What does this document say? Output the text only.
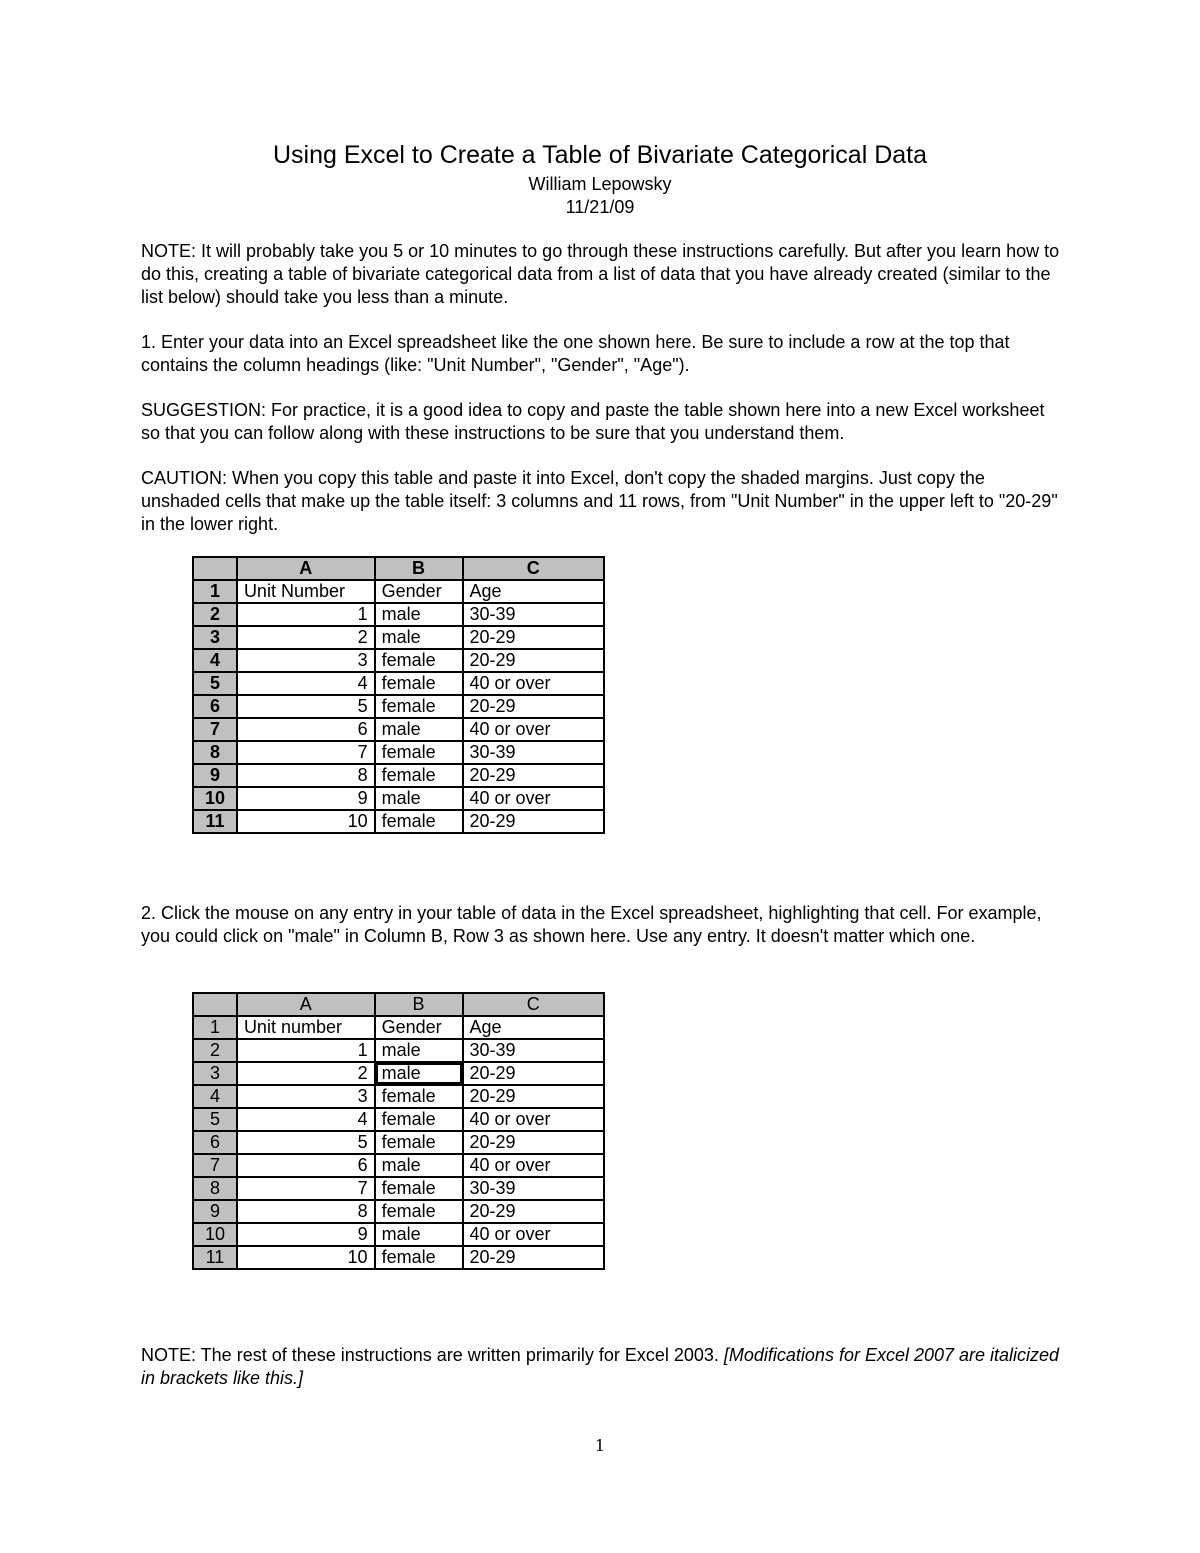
Using Excel to Create a Table of Bivariate Categorical Data
William Lepowsky
11/21/09

NOTE: It will probably take you 5 or 10 minutes to go through these instructions carefully. But after you learn how to do this, creating a table of bivariate categorical data from a list of data that you have already created (similar to the list below) should take you less than a minute.

1. Enter your data into an Excel spreadsheet like the one shown here. Be sure to include a row at the top that contains the column headings (like: "Unit Number", "Gender", "Age").

SUGGESTION: For practice, it is a good idea to copy and paste the table shown here into a new Excel worksheet so that you can follow along with these instructions to be sure that you understand them.

CAUTION: When you copy this table and paste it into Excel, don't copy the shaded margins. Just copy the unshaded cells that make up the table itself: 3 columns and 11 rows, from "Unit Number" in the upper left to "20-29" in the lower right.

	A	B	C
1	Unit Number	Gender	Age
2	1	male	30-39
3	2	male	20-29
4	3	female	20-29
5	4	female	40 or over
6	5	female	20-29
7	6	male	40 or over
8	7	female	30-39
9	8	female	20-29
10	9	male	40 or over
11	10	female	20-29

2. Click the mouse on any entry in your table of data in the Excel spreadsheet, highlighting that cell. For example, you could click on "male" in Column B, Row 3 as shown here. Use any entry. It doesn't matter which one.

	A	B	C
1	Unit number	Gender	Age
2	1	male	30-39
3	2	male	20-29
4	3	female	20-29
5	4	female	40 or over
6	5	female	20-29
7	6	male	40 or over
8	7	female	30-39
9	8	female	20-29
10	9	male	40 or over
11	10	female	20-29

NOTE: The rest of these instructions are written primarily for Excel 2003. [Modifications for Excel 2007 are italicized in brackets like this.]

1
